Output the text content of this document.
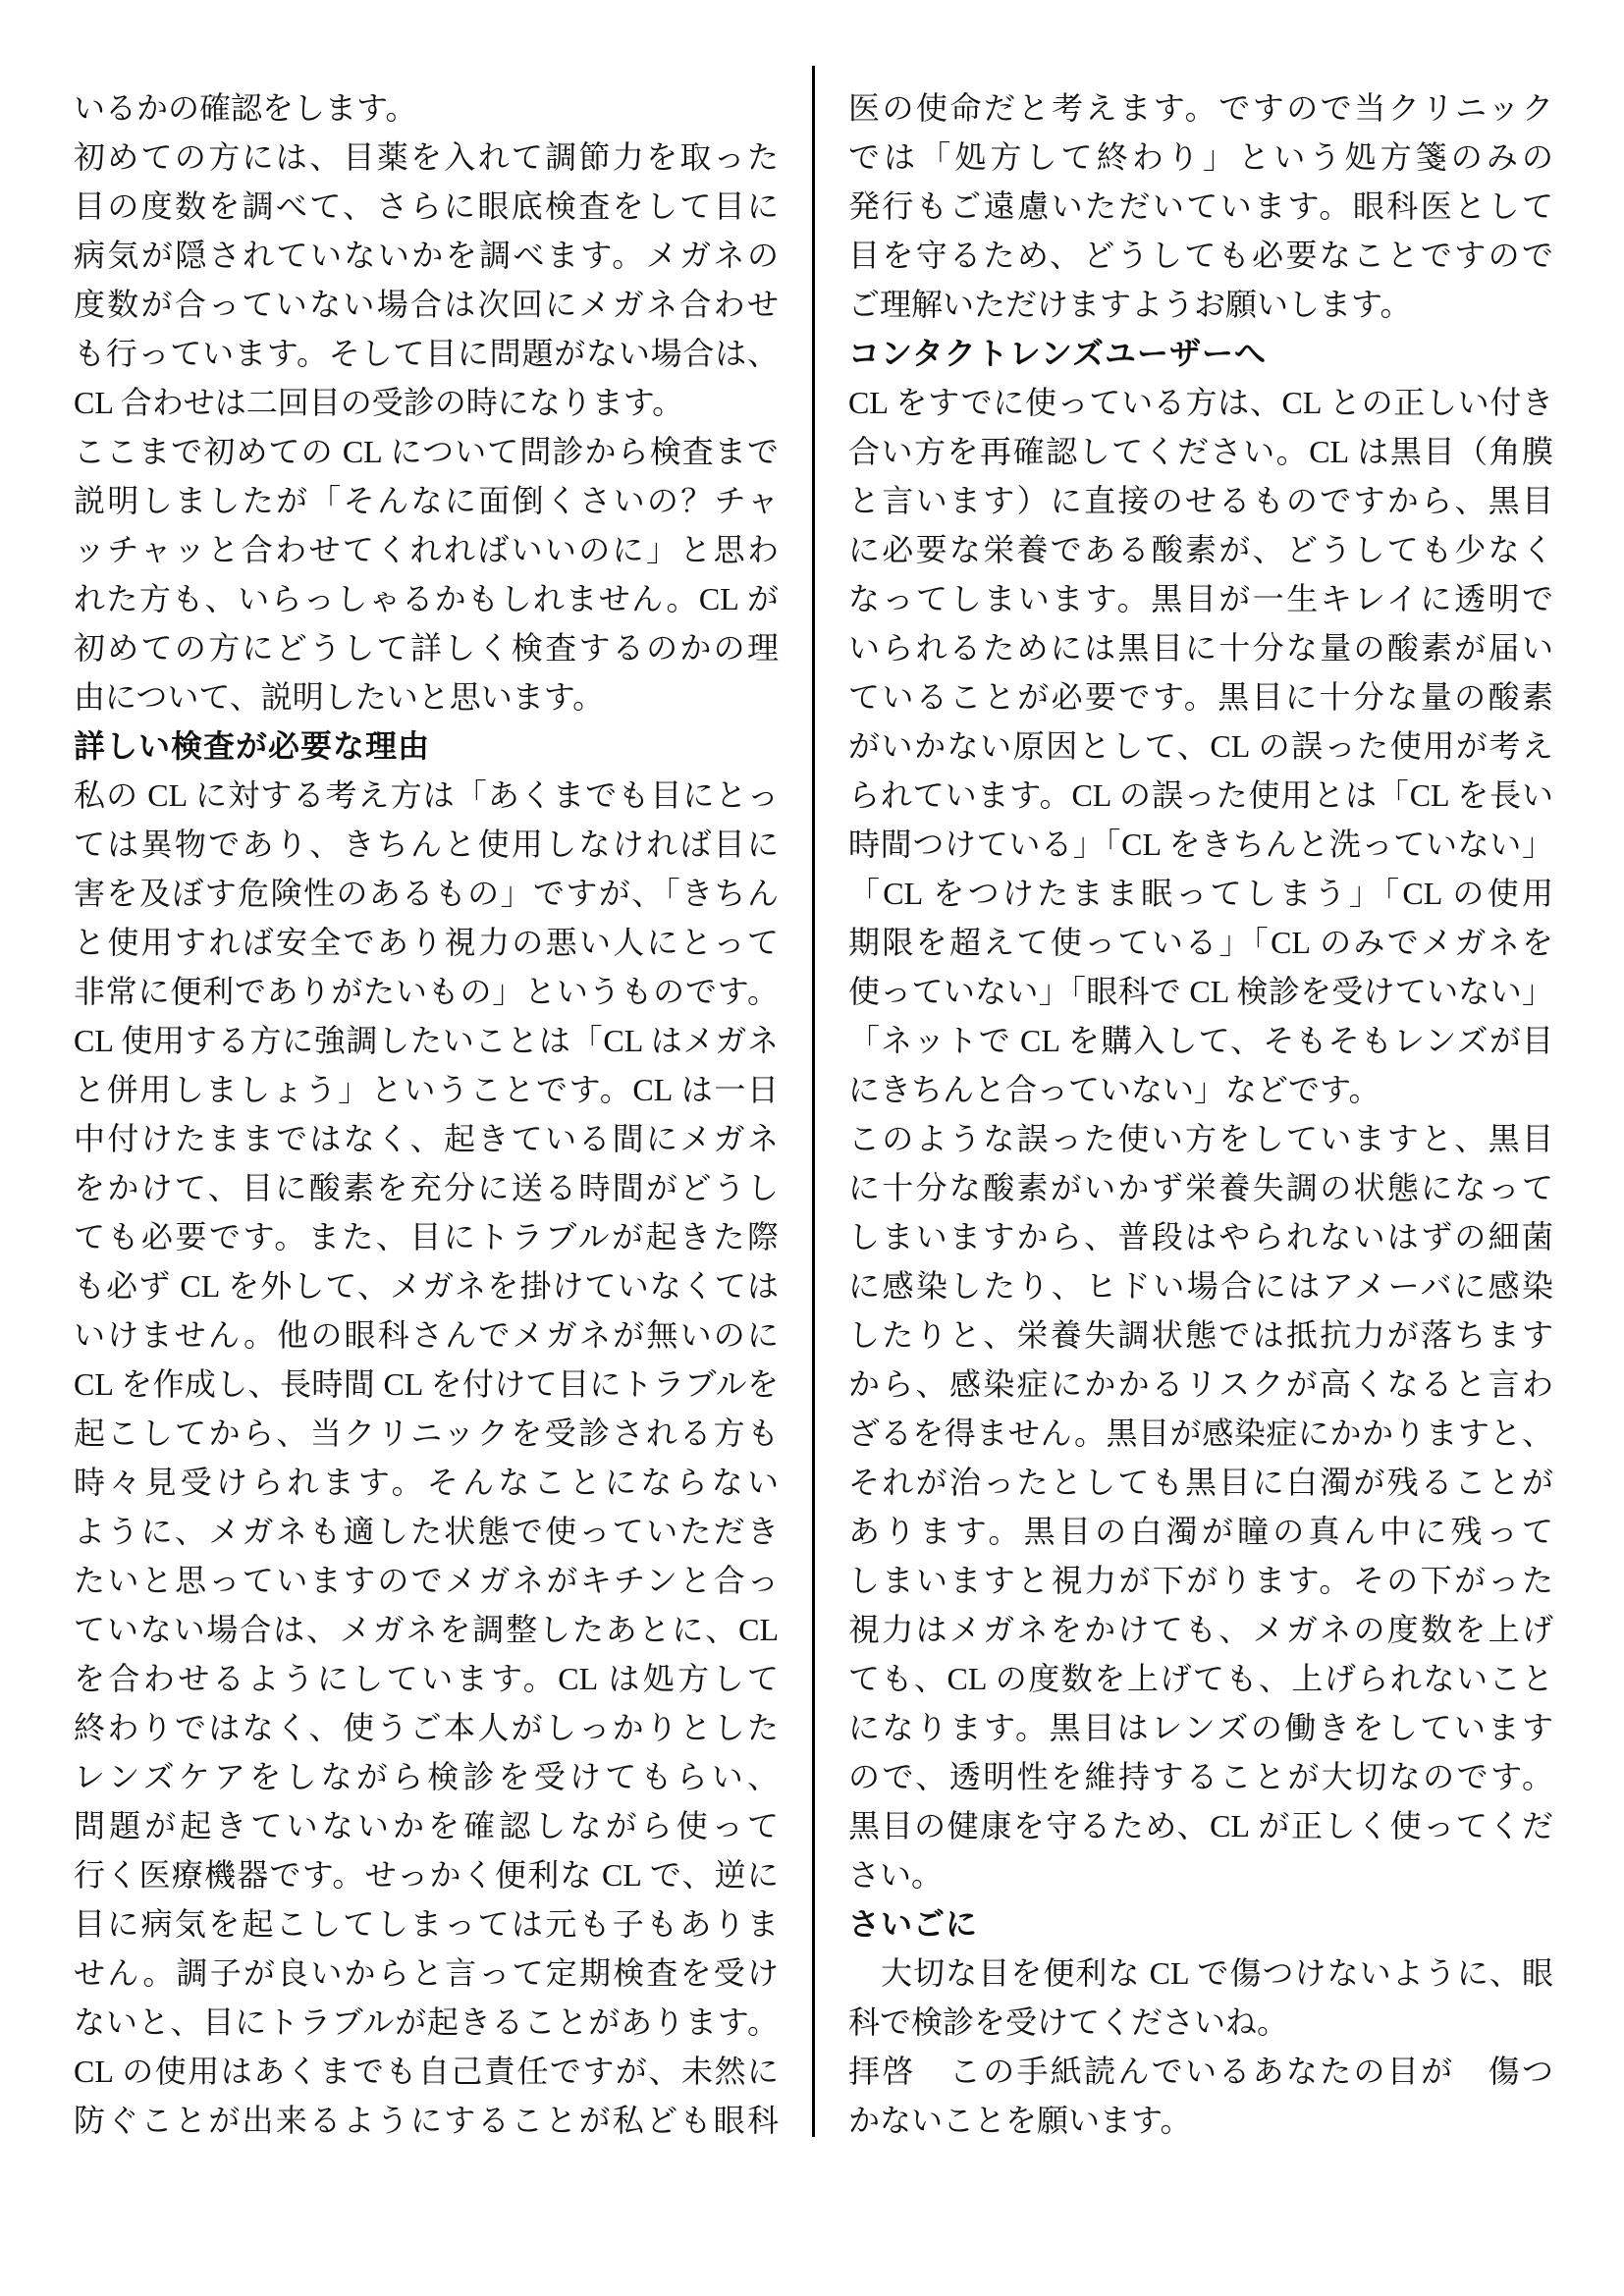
いるかの確認をします。

初めての方には、目薬を入れて調節力を取った

目の度数を調べて、さらに眼底検査をして目に

病気が隠されていないかを調べます。メガネの

度数が合っていない場合は次回にメガネ合わせ

も行っています。そして目に問題がない場合は、

CL 合わせは二回目の受診の時になります。

ここまで初めての CL について問診から検査まで

説明しましたが「そんなに面倒くさいの？チャ

ッチャッと合わせてくれればいいのに」と思わ

れた方も、いらっしゃるかもしれません。CL が

初めての方にどうして詳しく検査するのかの理

由について、説明したいと思います。

詳しい検査が必要な理由

私の CL に対する考え方は「あくまでも目にとっ

ては異物であり、きちんと使用しなければ目に

害を及ぼす危険性のあるもの」ですが、「きちん

と使用すれば安全であり視力の悪い人にとって

非常に便利でありがたいもの」というものです。

CL 使用する方に強調したいことは「CL はメガネ

と併用しましょう」ということです。CL は一日

中付けたままではなく、起きている間にメガネ

をかけて、目に酸素を充分に送る時間がどうし

ても必要です。また、目にトラブルが起きた際

も必ず CL を外して、メガネを掛けていなくては

いけません。他の眼科さんでメガネが無いのに

CL を作成し、長時間 CL を付けて目にトラブルを

起こしてから、当クリニックを受診される方も

時々見受けられます。そんなことにならない

ように、メガネも適した状態で使っていただき

たいと思っていますのでメガネがキチンと合っ

ていない場合は、メガネを調整したあとに、CL

を合わせるようにしています。CL は処方して

終わりではなく、使うご本人がしっかりとした

レンズケアをしながら検診を受けてもらい、

問題が起きていないかを確認しながら使って

行く医療機器です。せっかく便利な CL で、逆に

目に病気を起こしてしまっては元も子もありま

せん。調子が良いからと言って定期検査を受け

ないと、目にトラブルが起きることがあります。

CL の使用はあくまでも自己責任ですが、未然に

防ぐことが出来るようにすることが私ども眼科

医の使命だと考えます。ですので当クリニック

では「処方して終わり」という処方箋のみの

発行もご遠慮いただいています。眼科医として

目を守るため、どうしても必要なことですので

ご理解いただけますようお願いします。

コンタクトレンズユーザーへ

CL をすでに使っている方は、CL との正しい付き

合い方を再確認してください。CL は黒目（角膜

と言います）に直接のせるものですから、黒目

に必要な栄養である酸素が、どうしても少なく

なってしまいます。黒目が一生キレイに透明で

いられるためには黒目に十分な量の酸素が届い

ていることが必要です。黒目に十分な量の酸素

がいかない原因として、CL の誤った使用が考え

られています。CL の誤った使用とは「CL を長い

時間つけている」「CL をきちんと洗っていない」

「CL をつけたまま眠ってしまう」「CL の使用

期限を超えて使っている」「CL のみでメガネを

使っていない」「眼科で CL 検診を受けていない」

「ネットで CL を購入して、そもそもレンズが目

にきちんと合っていない」などです。

このような誤った使い方をしていますと、黒目

に十分な酸素がいかず栄養失調の状態になって

しまいますから、普段はやられないはずの細菌

に感染したり、ヒドい場合にはアメーバに感染

したりと、栄養失調状態では抵抗力が落ちます

から、感染症にかかるリスクが高くなると言わ

ざるを得ません。黒目が感染症にかかりますと、

それが治ったとしても黒目に白濁が残ることが

あります。黒目の白濁が瞳の真ん中に残って

しまいますと視力が下がります。その下がった

視力はメガネをかけても、メガネの度数を上げ

ても、CL の度数を上げても、上げられないこと

になります。黒目はレンズの働きをしています

ので、透明性を維持することが大切なのです。

黒目の健康を守るため、CL が正しく使ってくだ

さい。

さいごに

　大切な目を便利な CL で傷つけないように、眼

科で検診を受けてくださいね。

拝啓　この手紙読んでいるあなたの目が　傷つ

かないことを願います。
